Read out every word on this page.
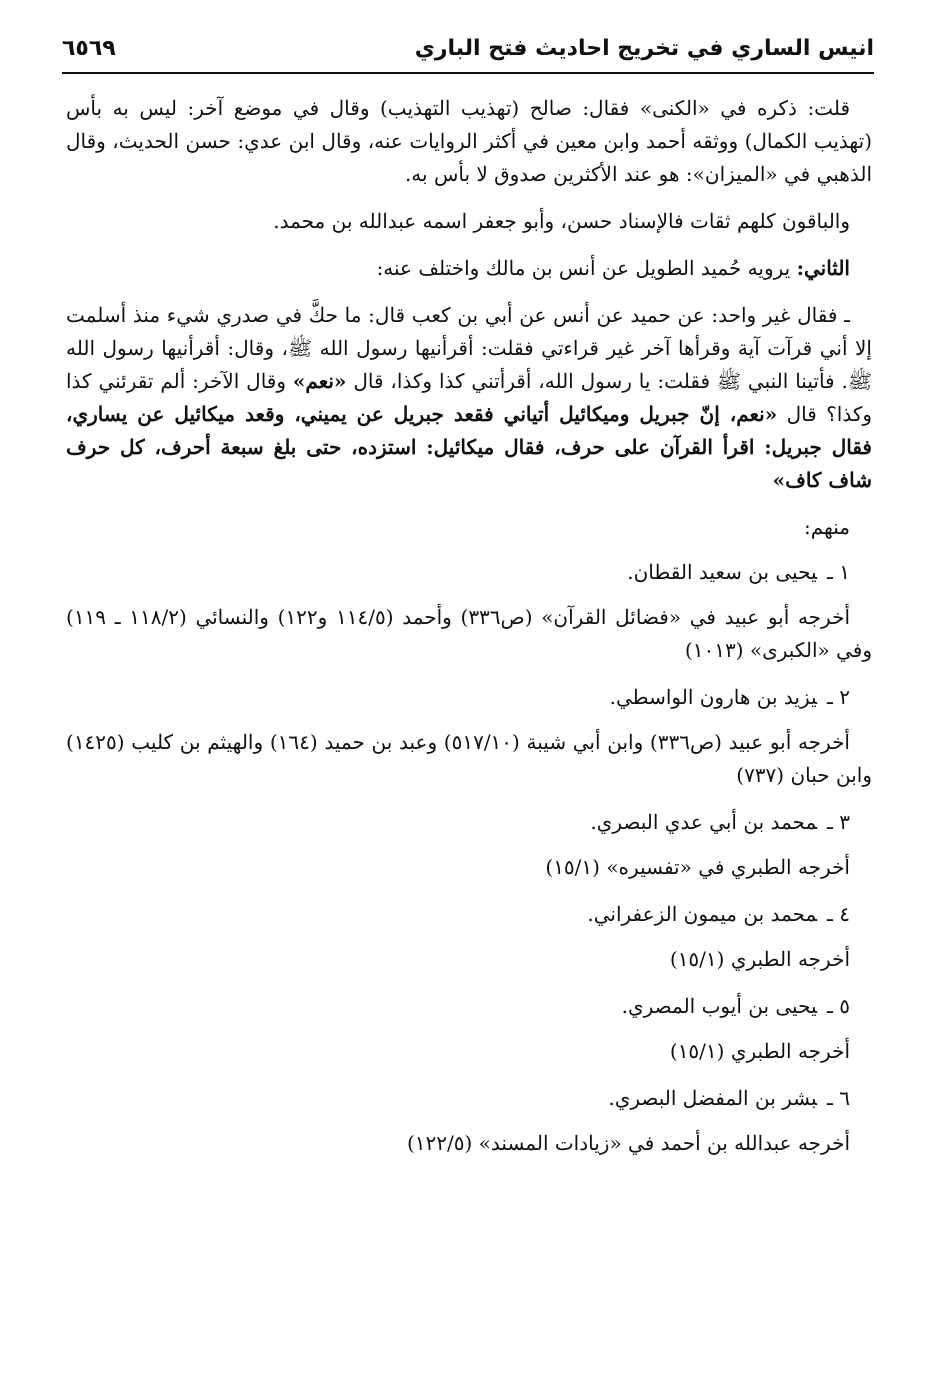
انيس الساري في تخريج احاديث فتح الباري
٦٥٦٩

قلت: ذكره في «الكنى» فقال: صالح (تهذيب التهذيب) وقال في موضع آخر: ليس به بأس (تهذيب الكمال) ووثقه أحمد وابن معين في أكثر الروايات عنه، وقال ابن عدي: حسن الحديث، وقال الذهبي في «الميزان»: هو عند الأكثرين صدوق لا بأس به.

والباقون كلهم ثقات فالإسناد حسن، وأبو جعفر اسمه عبدالله بن محمد.

الثاني: يرويه حُميد الطويل عن أنس بن مالك واختلف عنه:

ـ فقال غير واحد: عن حميد عن أنس عن أبي بن كعب قال: ما حكَّ في صدري شيء منذ أسلمت إلا أني قرآت آية وقرأها آخر غير قراءتي فقلت: أقرأنيها رسول الله ﷺ، وقال: أقرأنيها رسول الله ﷺ. فأتينا النبي ﷺ فقلت: يا رسول الله، أقرأتني كذا وكذا، قال «نعم» وقال الآخر: ألم تقرئني كذا وكذا؟ قال «نعم، إنّ جبريل وميكائيل أتياني فقعد جبريل عن يميني، وقعد ميكائيل عن يساري، فقال جبريل: اقرأ القرآن على حرف، فقال ميكائيل: استزده، حتى بلغ سبعة أحرف، كل حرف شاف كاف»

منهم:

١ ـيحيى بن سعيد القطان.

أخرجه أبو عبيد في «فضائل القرآن» (ص٣٣٦) وأحمد (١١٤/٥ و١٢٢) والنسائي (١١٨/٢ ـ ١١٩) وفي «الكبرى» (١٠١٣)

٢ ـيزيد بن هارون الواسطي.

أخرجه أبو عبيد (ص٣٣٦) وابن أبي شيبة (٥١٧/١٠) وعبد بن حميد (١٦٤) والهيثم بن كليب (١٤٢٥) وابن حبان (٧٣٧)

٣ ـمحمد بن أبي عدي البصري.

أخرجه الطبري في «تفسيره» (١٥/١)

٤ ـمحمد بن ميمون الزعفراني.

أخرجه الطبري (١٥/١)

٥ ـيحيى بن أيوب المصري.

أخرجه الطبري (١٥/١)

٦ ـبشر بن المفضل البصري.

أخرجه عبدالله بن أحمد في «زيادات المسند» (١٢٢/٥)
